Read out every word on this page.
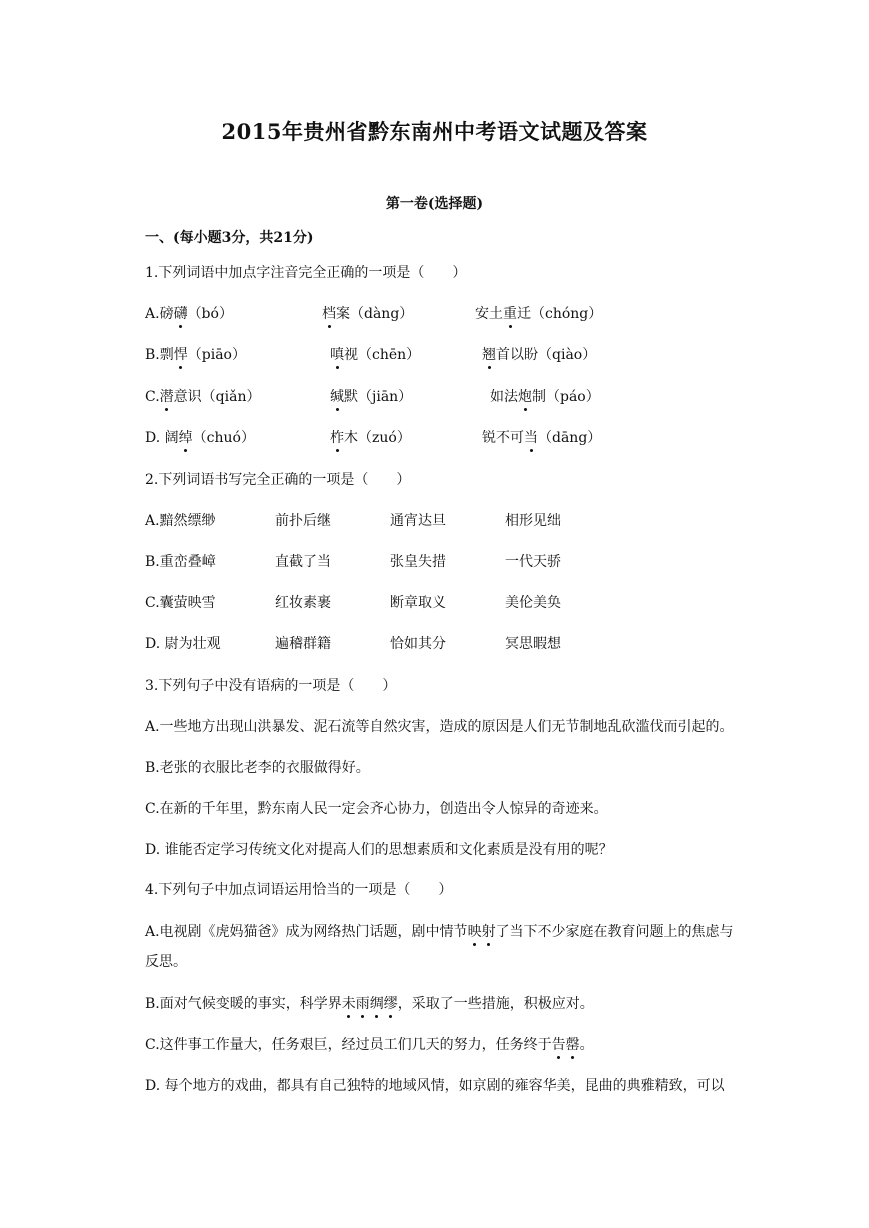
2015年贵州省黔东南州中考语文试题及答案
第一卷(选择题)
一、(每小题3分，共21分)
1.下列词语中加点字注音完全正确的一项是（　　）
A.磅礴（bó）	档案（dàng）	安土重迁（chóng）
B.剽悍（piāo）	嗔视（chēn）	翘首以盼（qiào）
C.潜意识（qiǎn）	缄默（jiān）	如法炮制（páo）
D. 阔绰（chuó）	柞木（zuó）	锐不可当（dāng）
2.下列词语书写完全正确的一项是（　　）
A.黯然缥缈	前扑后继	通宵达旦	相形见绌
B.重峦叠嶂	直截了当	张皇失措	一代天骄
C.囊萤映雪	红妆素裹	断章取义	美伦美奂
D. 尉为壮观	遍稽群籍	恰如其分	冥思暇想
3.下列句子中没有语病的一项是（　　）
A.一些地方出现山洪暴发、泥石流等自然灾害，造成的原因是人们无节制地乱砍滥伐而引起的。
B.老张的衣服比老李的衣服做得好。
C.在新的千年里，黔东南人民一定会齐心协力，创造出令人惊异的奇迹来。
D. 谁能否定学习传统文化对提高人们的思想素质和文化素质是没有用的呢？
4.下列句子中加点词语运用恰当的一项是（　　）
A.电视剧《虎妈猫爸》成为网络热门话题，剧中情节映射了当下不少家庭在教育问题上的焦虑与
反思。
B.面对气候变暖的事实，科学界未雨绸缪，采取了一些措施，积极应对。
C.这件事工作量大，任务艰巨，经过员工们几天的努力，任务终于告罄。
D. 每个地方的戏曲，都具有自己独特的地域风情，如京剧的雍容华美，昆曲的典雅精致，可以
